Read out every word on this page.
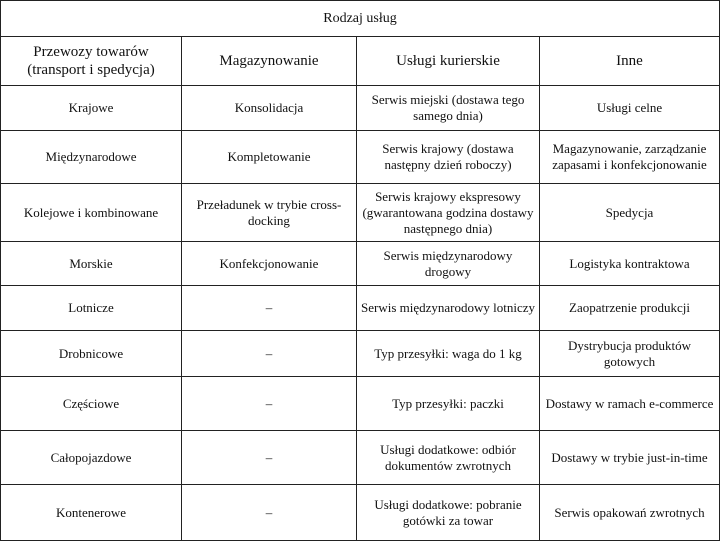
Rodzaj usług			
Przewozy towarów (transport i spedycja)	Magazynowanie	Usługi kurierskie	Inne
Krajowe	Konsolidacja	Serwis miejski (dostawa tego samego dnia)	Usługi celne
Międzynarodowe	Kompletowanie	Serwis krajowy (dostawa następny dzień roboczy)	Magazynowanie, zarządzanie zapasami i konfekcjonowanie
Kolejowe i kombinowane	Przeładunek w trybie cross-docking	Serwis krajowy ekspresowy (gwarantowana godzina dostawy następnego dnia)	Spedycja
Morskie	Konfekcjonowanie	Serwis międzynarodowy drogowy	Logistyka kontraktowa
Lotnicze	–	Serwis międzynarodowy lotniczy	Zaopatrzenie produkcji
Drobnicowe	–	Typ przesyłki: waga do 1 kg	Dystrybucja produktów gotowych
Częściowe	–	Typ przesyłki: paczki	Dostawy w ramach e-commerce
Całopojazdowe	–	Usługi dodatkowe: odbiór dokumentów zwrotnych	Dostawy w trybie just-in-time
Kontenerowe	–	Usługi dodatkowe: pobranie gotówki za towar	Serwis opakowań zwrotnych
